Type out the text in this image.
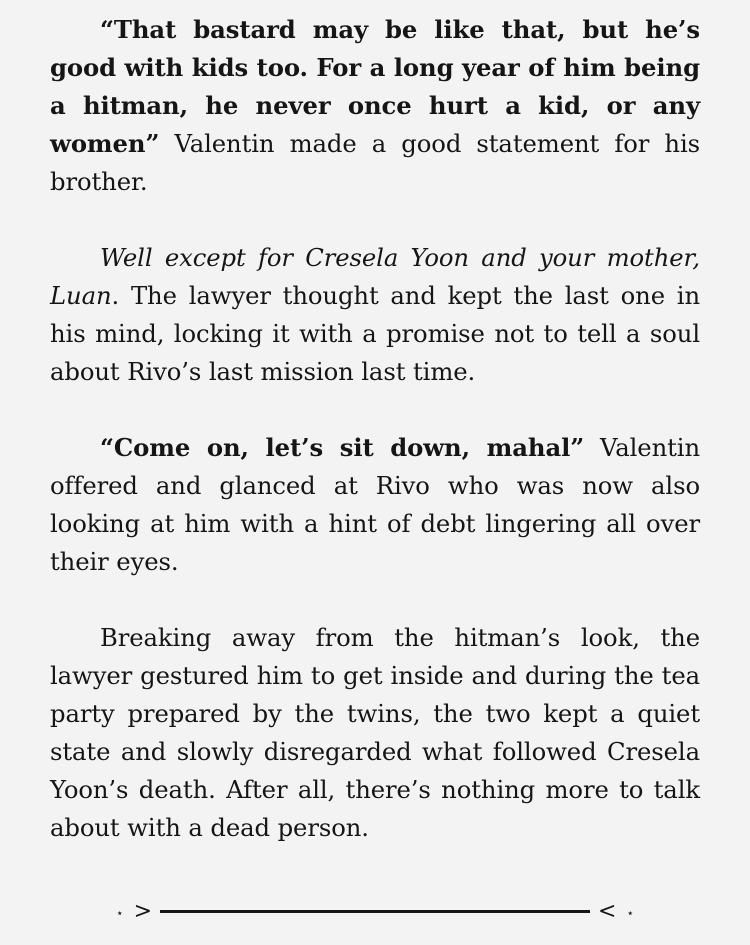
“That bastard may be like that, but he’s good with kids too. For a long year of him being a hitman, he never once hurt a kid, or any women” Valentin made a good statement for his brother.

Well except for Cresela Yoon and your mother, Luan. The lawyer thought and kept the last one in his mind, locking it with a promise not to tell a soul about Rivo’s last mission last time.

“Come on, let’s sit down, mahal” Valentin offered and glanced at Rivo who was now also looking at him with a hint of debt lingering all over their eyes.

Breaking away from the hitman’s look, the lawyer gestured him to get inside and during the tea party prepared by the twins, the two kept a quiet state and slowly disregarded what followed Cresela Yoon’s death. After all, there’s nothing more to talk about with a dead person.

⋆ >	< ⋆
